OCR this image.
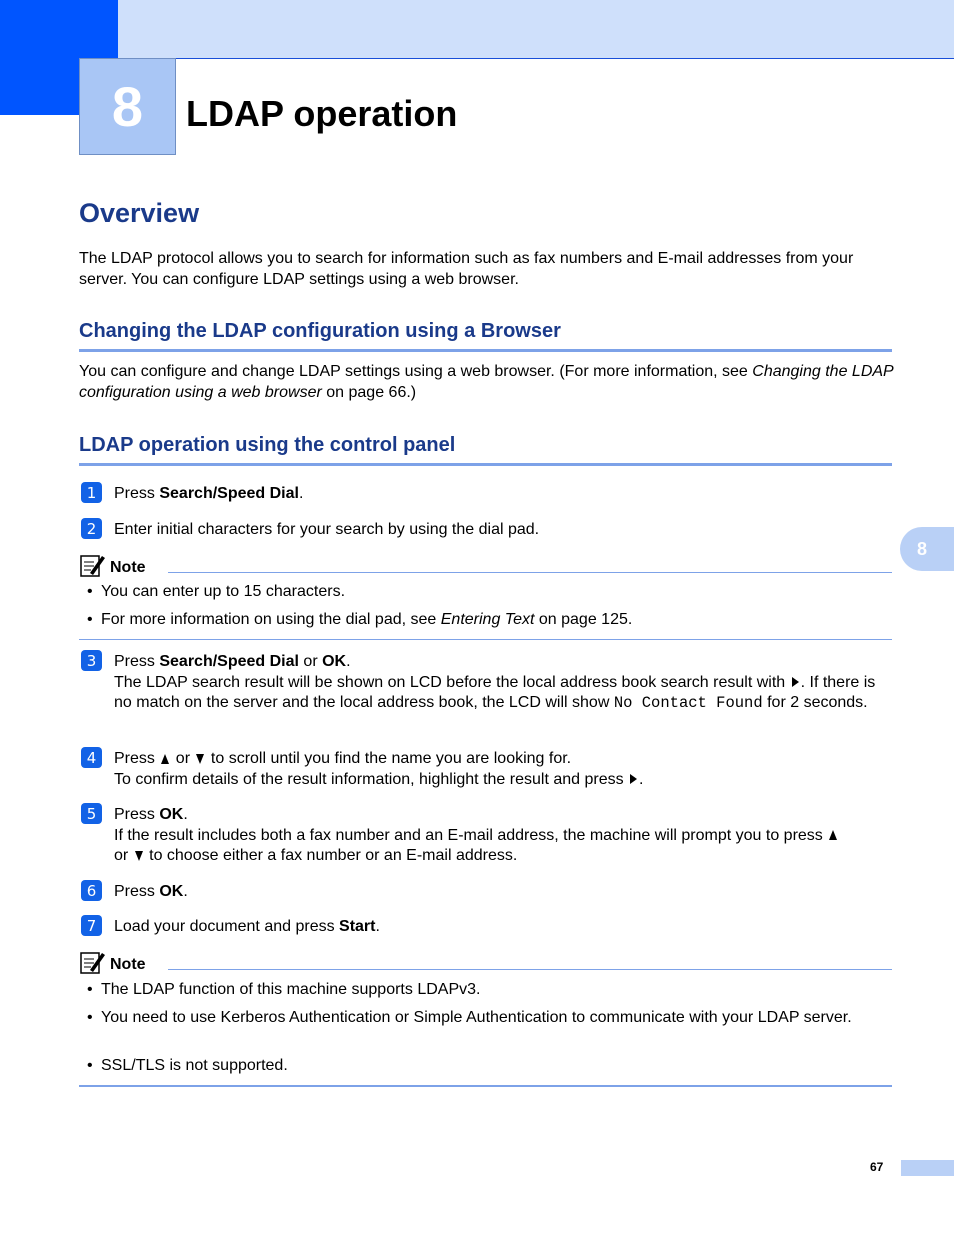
8	LDAP operation
Overview
The LDAP protocol allows you to search for information such as fax numbers and E-mail addresses from your server. You can configure LDAP settings using a web browser.
Changing the LDAP configuration using a Browser
You can configure and change LDAP settings using a web browser. (For more information, see Changing the LDAP configuration using a web browser on page 66.)
LDAP operation using the control panel
1	Press Search/Speed Dial.
2	Enter initial characters for your search by using the dial pad.
Note
• You can enter up to 15 characters.
• For more information on using the dial pad, see Entering Text on page 125.
3	Press Search/Speed Dial or OK.
The LDAP search result will be shown on LCD before the local address book search result with . If there is no match on the server and the local address book, the LCD will show No Contact Found for 2 seconds.
4	Press  or  to scroll until you find the name you are looking for.
To confirm details of the result information, highlight the result and press .
5	Press OK.
If the result includes both a fax number and an E-mail address, the machine will prompt you to press
or  to choose either a fax number or an E-mail address.
6	Press OK.
7	Load your document and press Start.
Note
• The LDAP function of this machine supports LDAPv3.
• You need to use Kerberos Authentication or Simple Authentication to communicate with your LDAP server.
• SSL/TLS is not supported.
8
67
